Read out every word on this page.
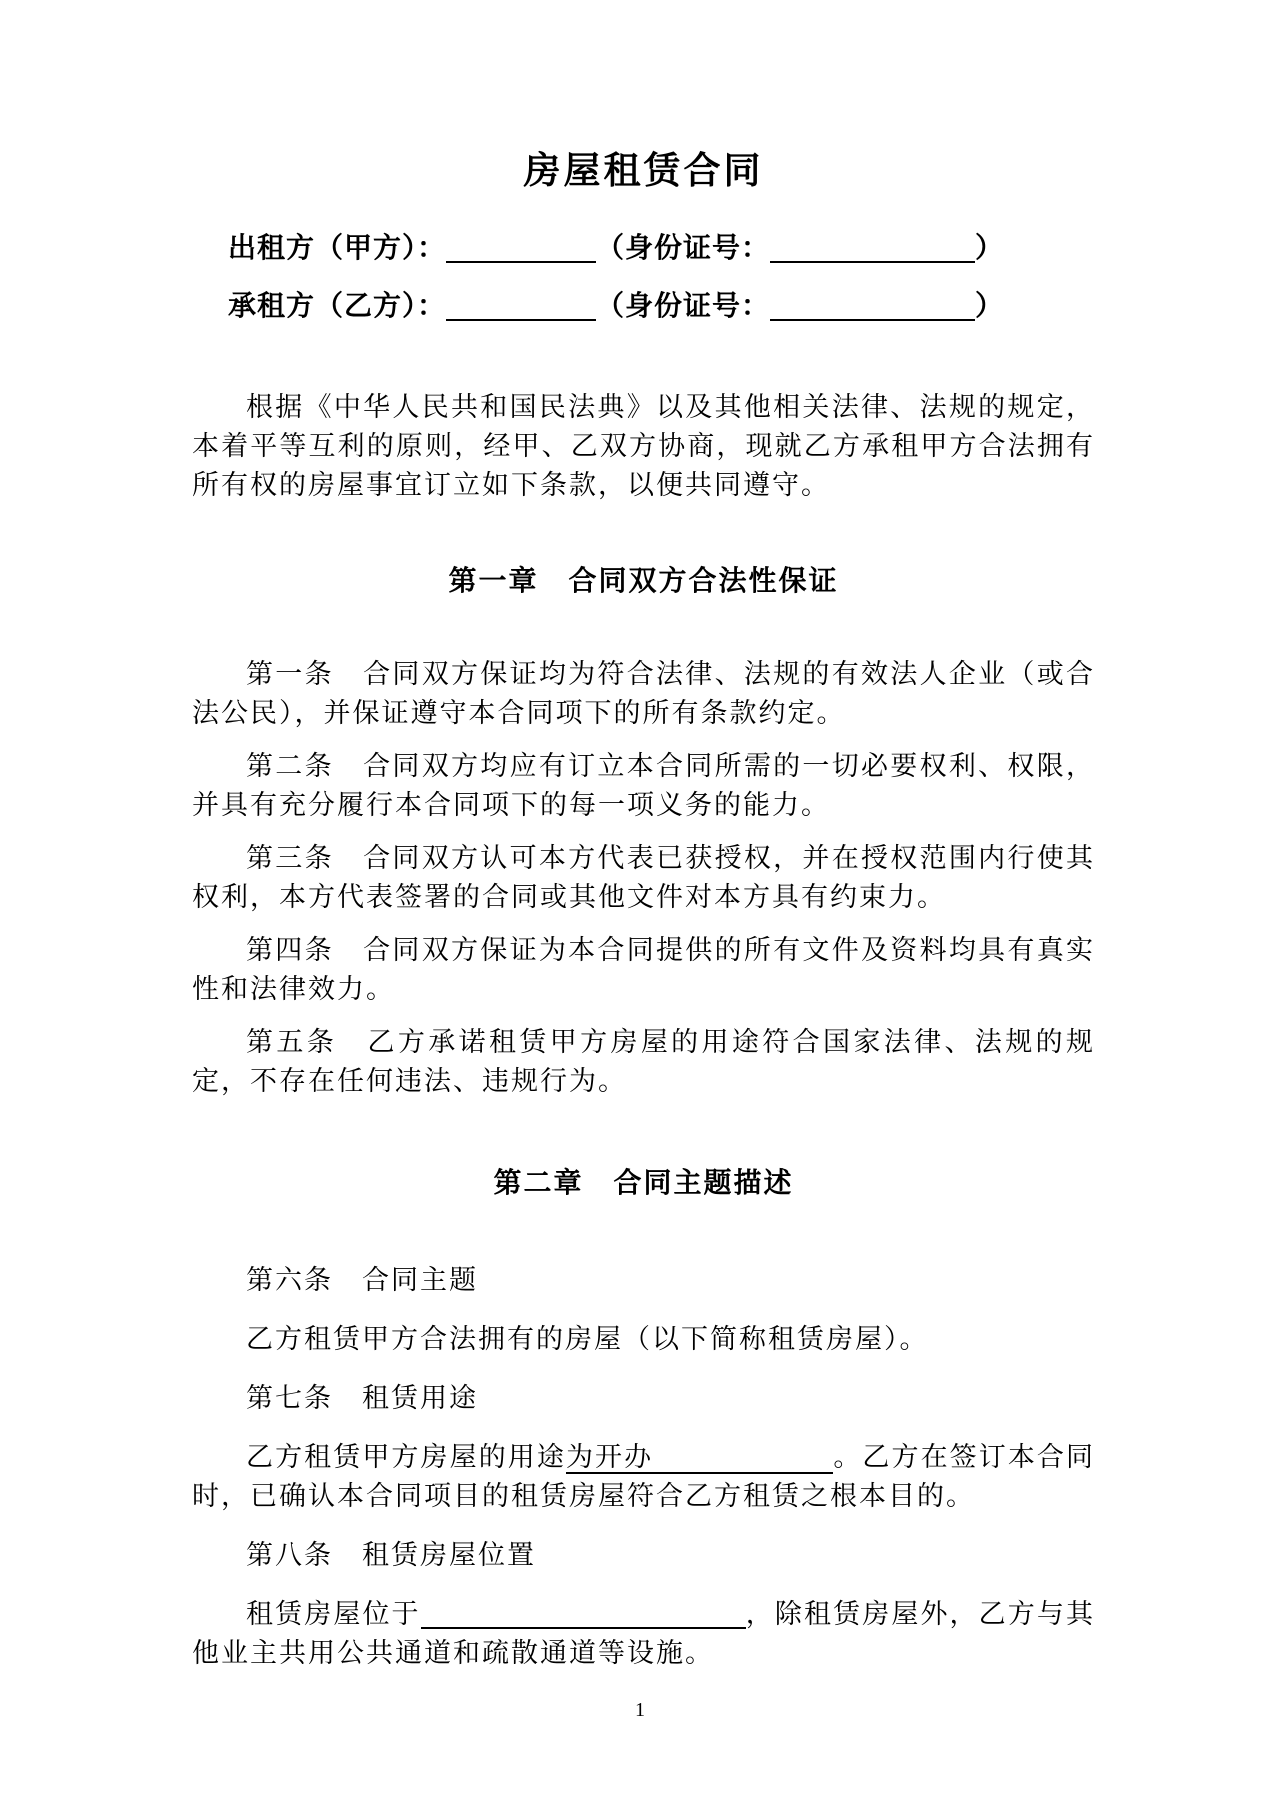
房屋租赁合同
出租方（甲方）：	（身份证号：	）
承租方（乙方）：	（身份证号：	）

根据《中华人民共和国民法典》以及其他相关法律、法规的规定，本着平等互利的原则，经甲、乙双方协商，现就乙方承租甲方合法拥有所有权的房屋事宜订立如下条款，以便共同遵守。

第一章　合同双方合法性保证

第一条　合同双方保证均为符合法律、法规的有效法人企业（或合法公民），并保证遵守本合同项下的所有条款约定。

第二条　合同双方均应有订立本合同所需的一切必要权利、权限，并具有充分履行本合同项下的每一项义务的能力。

第三条　合同双方认可本方代表已获授权，并在授权范围内行使其权利，本方代表签署的合同或其他文件对本方具有约束力。

第四条　合同双方保证为本合同提供的所有文件及资料均具有真实性和法律效力。

第五条　乙方承诺租赁甲方房屋的用途符合国家法律、法规的规定，不存在任何违法、违规行为。

第二章　合同主题描述

第六条　合同主题

乙方租赁甲方合法拥有的房屋（以下简称租赁房屋）。

第七条　租赁用途

乙方租赁甲方房屋的用途为开办	。乙方在签订本合同时，已确认本合同项目的租赁房屋符合乙方租赁之根本目的。

第八条　租赁房屋位置

租赁房屋位于	，除租赁房屋外，乙方与其他业主共用公共通道和疏散通道等设施。

1
